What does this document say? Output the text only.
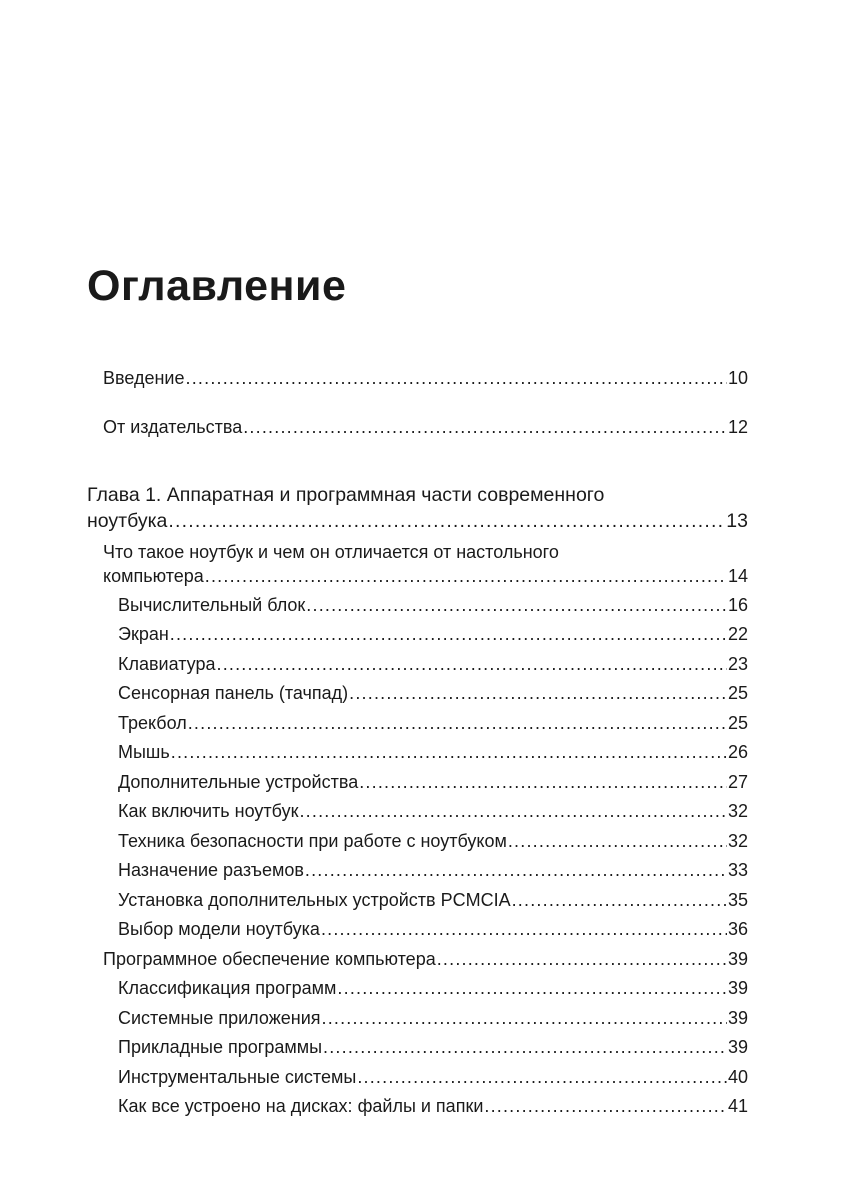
Оглавление
Введение .....	10
От издательства .....	12
Глава 1. Аппаратная и программная части современного
ноутбука .....	13
Что такое ноутбук и чем он отличается от настольного
компьютера .....	14
Вычислительный блок .....	16
Экран .....	22
Клавиатура .....	23
Сенсорная панель (тачпад) .....	25
Трекбол .....	25
Мышь .....	26
Дополнительные устройства .....	27
Как включить ноутбук .....	32
Техника безопасности при работе с ноутбуком .....	32
Назначение разъемов .....	33
Установка дополнительных устройств PCMCIA .....	35
Выбор модели ноутбука .....	36
Программное обеспечение компьютера .....	39
Классификация программ .....	39
Системные приложения .....	39
Прикладные программы .....	39
Инструментальные системы .....	40
Как все устроено на дисках: файлы и папки .....	41
